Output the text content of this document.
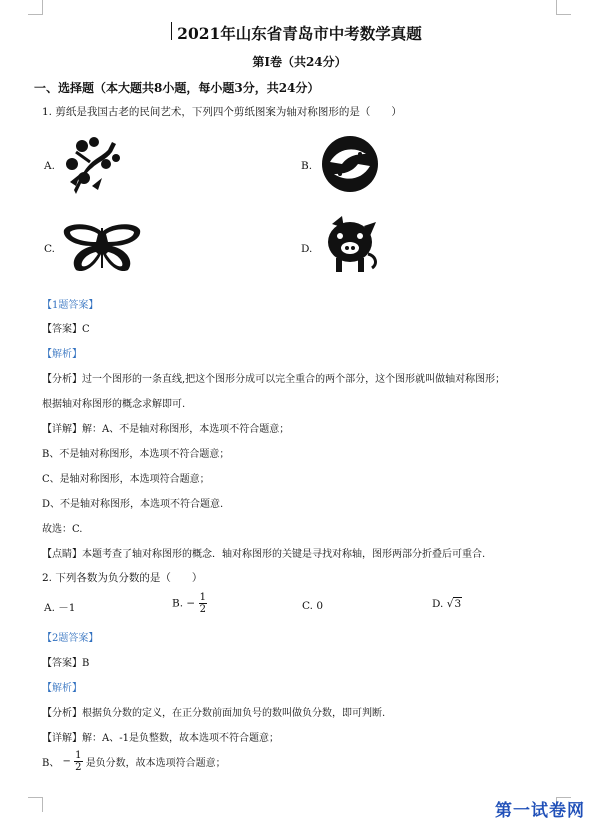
2021年山东省青岛市中考数学真题
第I卷（共24分）
一、选择题（本大题共8小题，每小题3分，共24分）
1. 剪纸是我国古老的民间艺术，下列四个剪纸图案为轴对称图形的是（　　）
A.	B.
C.	D.
【1题答案】
【答案】C
【解析】
【分析】过一个图形的一条直线,把这个图形分成可以完全重合的两个部分，这个图形就叫做轴对称图形；
根据轴对称图形的概念求解即可.
【详解】解：A、不是轴对称图形，本选项不符合题意；
B、不是轴对称图形，本选项不符合题意；
C、是轴对称图形，本选项符合题意；
D、不是轴对称图形，本选项不符合题意.
故选：C.
【点睛】本题考查了轴对称图形的概念．轴对称图形的关键是寻找对称轴，图形两部分折叠后可重合.
2. 下列各数为负分数的是（　　）
A. －1	B. − $\frac{1}{2}$	C. 0	D. √3
【2题答案】
【答案】B
【解析】
【分析】根据负分数的定义，在正分数前面加负号的数叫做负分数，即可判断.
【详解】解：A、-1是负整数，故本选项不符合题意；
B、 − $\frac{1}{2}$ 是负分数，故本选项符合题意；
第一试卷网
